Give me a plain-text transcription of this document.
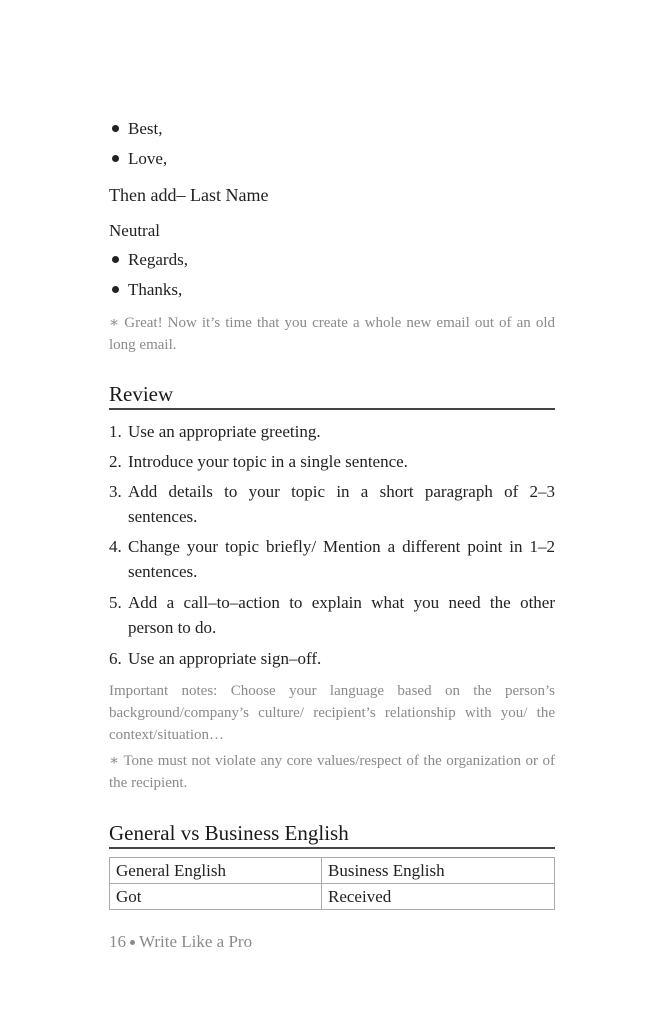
Best,
Love,
Then add– Last Name
Neutral
Regards,
Thanks,
∗ Great! Now it’s time that you create a whole new email out of an old long email.
Review
1. Use an appropriate greeting.
2. Introduce your topic in a single sentence.
3. Add details to your topic in a short paragraph of 2–3 sentences.
4. Change your topic briefly/ Mention a different point in 1–2 sentences.
5. Add a call–to–action to explain what you need the other person to do.
6. Use an appropriate sign–off.
Important notes: Choose your language based on the person’s background/company’s culture/ recipient’s relationship with you/ the context/situation…
∗ Tone must not violate any core values/respect of the organization or of the recipient.
General vs Business English
General English	Business English
Got	Received
16 Write Like a Pro
